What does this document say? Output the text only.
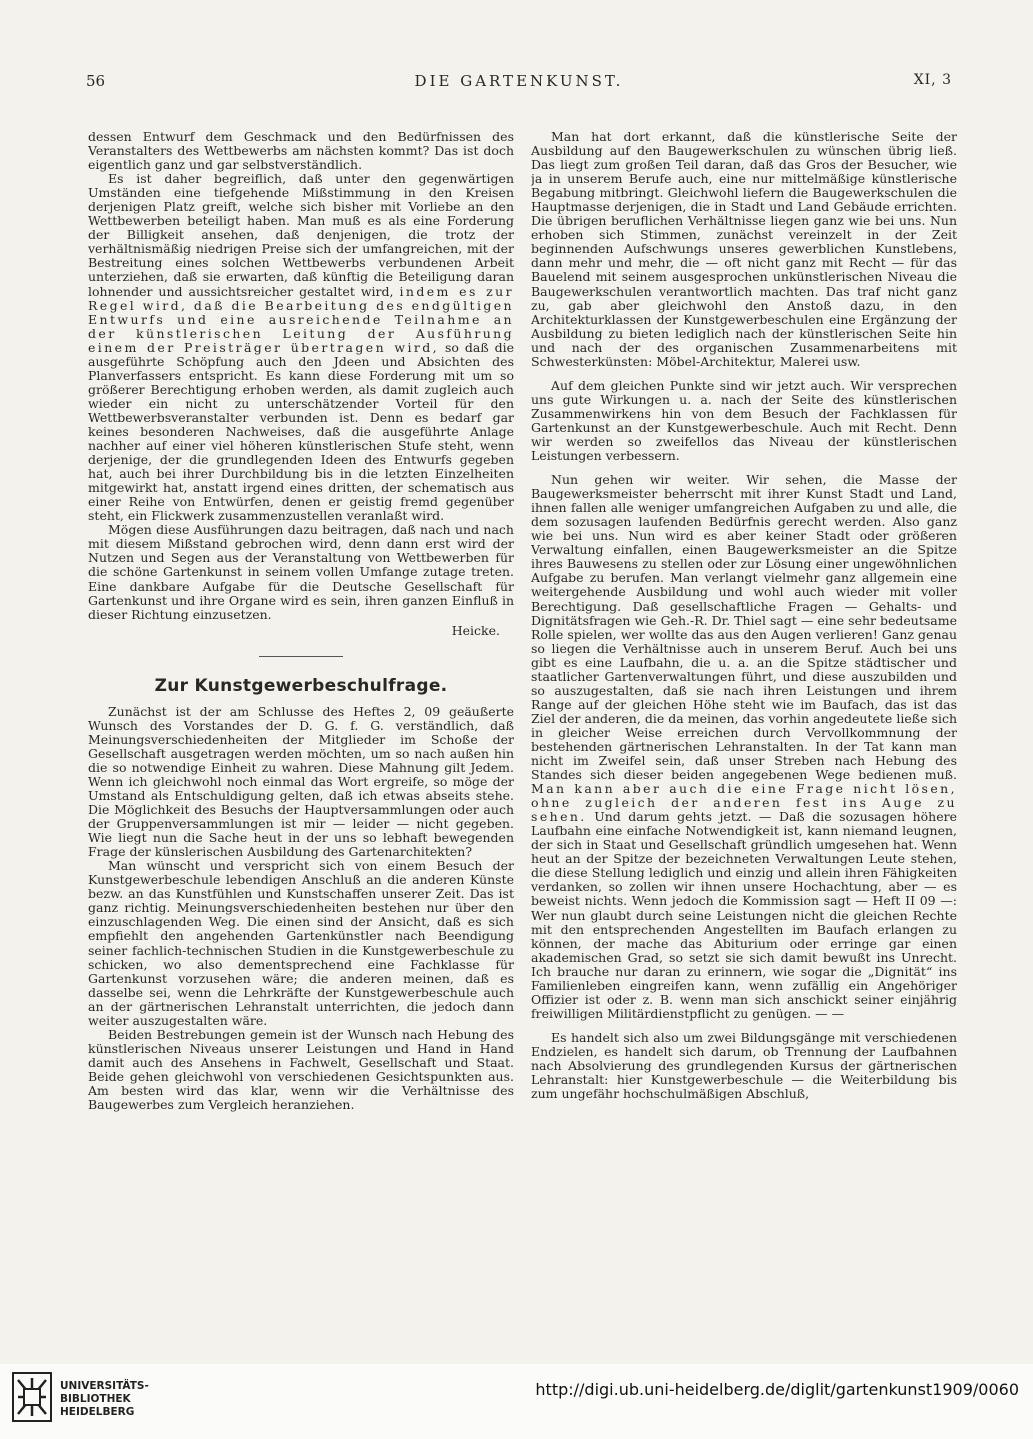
56	DIE GARTENKUNST.	XI, 3

dessen Entwurf dem Geschmack und den Bedürfnissen des Veranstalters des Wettbewerbs am nächsten kommt? Das ist doch eigentlich ganz und gar selbstverständlich.

Es ist daher begreiflich, daß unter den gegenwärtigen Umständen eine tiefgehende Mißstimmung in den Kreisen derjenigen Platz greift, welche sich bisher mit Vorliebe an den Wettbewerben beteiligt haben. Man muß es als eine Forderung der Billigkeit ansehen, daß denjenigen, die trotz der verhältnismäßig niedrigen Preise sich der umfangreichen, mit der Bestreitung eines solchen Wettbewerbs verbundenen Arbeit unterziehen, daß sie erwarten, daß künftig die Beteiligung daran lohnender und aussichtsreicher gestaltet wird, indem es zur Regel wird, daß die Bearbeitung des endgültigen Entwurfs und eine ausreichende Teilnahme an der künstlerischen Leitung der Ausführung einem der Preisträger übertragen wird, so daß die ausgeführte Schöpfung auch den Jdeen und Absichten des Planverfassers entspricht. Es kann diese Forderung mit um so größerer Berechtigung erhoben werden, als damit zugleich auch wieder ein nicht zu unterschätzender Vorteil für den Wettbewerbsveranstalter verbunden ist. Denn es bedarf gar keines besonderen Nachweises, daß die ausgeführte Anlage nachher auf einer viel höheren künstlerischen Stufe steht, wenn derjenige, der die grundlegenden Ideen des Entwurfs gegeben hat, auch bei ihrer Durchbildung bis in die letzten Einzelheiten mitgewirkt hat, anstatt irgend eines dritten, der schematisch aus einer Reihe von Entwürfen, denen er geistig fremd gegenüber steht, ein Flickwerk zusammenzustellen veranlaßt wird.

Mögen diese Ausführungen dazu beitragen, daß nach und nach mit diesem Mißstand gebrochen wird, denn dann erst wird der Nutzen und Segen aus der Veranstaltung von Wettbewerben für die schöne Gartenkunst in seinem vollen Umfange zutage treten. Eine dankbare Aufgabe für die Deutsche Gesellschaft für Gartenkunst und ihre Organe wird es sein, ihren ganzen Einfluß in dieser Richtung einzusetzen.

Heicke.
Zur Kunstgewerbeschulfrage.

Zunächst ist der am Schlusse des Heftes 2, 09 geäußerte Wunsch des Vorstandes der D. G. f. G. verständlich, daß Meinungsverschiedenheiten der Mitglieder im Schoße der Gesellschaft ausgetragen werden möchten, um so nach außen hin die so notwendige Einheit zu wahren. Diese Mahnung gilt Jedem. Wenn ich gleichwohl noch einmal das Wort ergreife, so möge der Umstand als Entschuldigung gelten, daß ich etwas abseits stehe. Die Möglichkeit des Besuchs der Hauptversammlungen oder auch der Gruppenversammlungen ist mir — leider — nicht gegeben. Wie liegt nun die Sache heut in der uns so lebhaft bewegenden Frage der künslerischen Ausbildung des Gartenarchitekten?

Man wünscht und verspricht sich von einem Besuch der Kunstgewerbeschule lebendigen Anschluß an die anderen Künste bezw. an das Kunstfühlen und Kunstschaffen unserer Zeit. Das ist ganz richtig. Meinungsverschiedenheiten bestehen nur über den einzuschlagenden Weg. Die einen sind der Ansicht, daß es sich empfiehlt den angehenden Gartenkünstler nach Beendigung seiner fachlich-technischen Studien in die Kunstgewerbeschule zu schicken, wo also dementsprechend eine Fachklasse für Gartenkunst vorzusehen wäre; die anderen meinen, daß es dasselbe sei, wenn die Lehrkräfte der Kunstgewerbeschule auch an der gärtnerischen Lehranstalt unterrichten, die jedoch dann weiter auszugestalten wäre.

Beiden Bestrebungen gemein ist der Wunsch nach Hebung des künstlerischen Niveaus unserer Leistungen und Hand in Hand damit auch des Ansehens in Fachwelt, Gesellschaft und Staat. Beide gehen gleichwohl von verschiedenen Gesichtspunkten aus. Am besten wird das klar, wenn wir die Verhältnisse des Baugewerbes zum Vergleich heranziehen.

Man hat dort erkannt, daß die künstlerische Seite der Ausbildung auf den Baugewerkschulen zu wünschen übrig ließ. Das liegt zum großen Teil daran, daß das Gros der Besucher, wie ja in unserem Berufe auch, eine nur mittelmäßige künstlerische Begabung mitbringt. Gleichwohl liefern die Baugewerkschulen die Hauptmasse derjenigen, die in Stadt und Land Gebäude errichten. Die übrigen beruflichen Verhältnisse liegen ganz wie bei uns. Nun erhoben sich Stimmen, zunächst vereinzelt in der Zeit beginnenden Aufschwungs unseres gewerblichen Kunstlebens, dann mehr und mehr, die — oft nicht ganz mit Recht — für das Bauelend mit seinem ausgesprochen unkünstlerischen Niveau die Baugewerkschulen verantwortlich machten. Das traf nicht ganz zu, gab aber gleichwohl den Anstoß dazu, in den Architekturklassen der Kunstgewerbeschulen eine Ergänzung der Ausbildung zu bieten lediglich nach der künstlerischen Seite hin und nach der des organischen Zusammenarbeitens mit Schwesterkünsten: Möbel-Architektur, Malerei usw.

Auf dem gleichen Punkte sind wir jetzt auch. Wir versprechen uns gute Wirkungen u. a. nach der Seite des künstlerischen Zusammenwirkens hin von dem Besuch der Fachklassen für Gartenkunst an der Kunstgewerbeschule. Auch mit Recht. Denn wir werden so zweifellos das Niveau der künstlerischen Leistungen verbessern.

Nun gehen wir weiter. Wir sehen, die Masse der Baugewerksmeister beherrscht mit ihrer Kunst Stadt und Land, ihnen fallen alle weniger umfangreichen Aufgaben zu und alle, die dem sozusagen laufenden Bedürfnis gerecht werden. Also ganz wie bei uns. Nun wird es aber keiner Stadt oder größeren Verwaltung einfallen, einen Baugewerksmeister an die Spitze ihres Bauwesens zu stellen oder zur Lösung einer ungewöhnlichen Aufgabe zu berufen. Man verlangt vielmehr ganz allgemein eine weitergehende Ausbildung und wohl auch wieder mit voller Berechtigung. Daß gesellschaftliche Fragen — Gehalts- und Dignitätsfragen wie Geh.-R. Dr. Thiel sagt — eine sehr bedeutsame Rolle spielen, wer wollte das aus den Augen verlieren! Ganz genau so liegen die Verhältnisse auch in unserem Beruf. Auch bei uns gibt es eine Laufbahn, die u. a. an die Spitze städtischer und staatlicher Gartenverwaltungen führt, und diese auszubilden und so auszugestalten, daß sie nach ihren Leistungen und ihrem Range auf der gleichen Höhe steht wie im Baufach, das ist das Ziel der anderen, die da meinen, das vorhin angedeutete ließe sich in gleicher Weise erreichen durch Vervollkommnung der bestehenden gärtnerischen Lehranstalten. In der Tat kann man nicht im Zweifel sein, daß unser Streben nach Hebung des Standes sich dieser beiden angegebenen Wege bedienen muß. Man kann aber auch die eine Frage nicht lösen, ohne zugleich der anderen fest ins Auge zu sehen. Und darum gehts jetzt. — Daß die sozusagen höhere Laufbahn eine einfache Notwendigkeit ist, kann niemand leugnen, der sich in Staat und Gesellschaft gründlich umgesehen hat. Wenn heut an der Spitze der bezeichneten Verwaltungen Leute stehen, die diese Stellung lediglich und einzig und allein ihren Fähigkeiten verdanken, so zollen wir ihnen unsere Hochachtung, aber — es beweist nichts. Wenn jedoch die Kommission sagt — Heft II 09 —: Wer nun glaubt durch seine Leistungen nicht die gleichen Rechte mit den entsprechenden Angestellten im Baufach erlangen zu können, der mache das Abiturium oder erringe gar einen akademischen Grad, so setzt sie sich damit bewußt ins Unrecht. Ich brauche nur daran zu erinnern, wie sogar die „Dignität“ ins Familienleben eingreifen kann, wenn zufällig ein Angehöriger Offizier ist oder z. B. wenn man sich anschickt seiner einjährig freiwilligen Militärdienstpflicht zu genügen. — —

Es handelt sich also um zwei Bildungsgänge mit verschiedenen Endzielen, es handelt sich darum, ob Trennung der Laufbahnen nach Absolvierung des grundlegenden Kursus der gärtnerischen Lehranstalt: hier Kunstgewerbeschule — die Weiterbildung bis zum ungefähr hochschulmäßigen Abschluß,

UNIVERSITÄTS-
BIBLIOTHEK
HEIDELBERG
http://digi.ub.uni-heidelberg.de/diglit/gartenkunst1909/0060
